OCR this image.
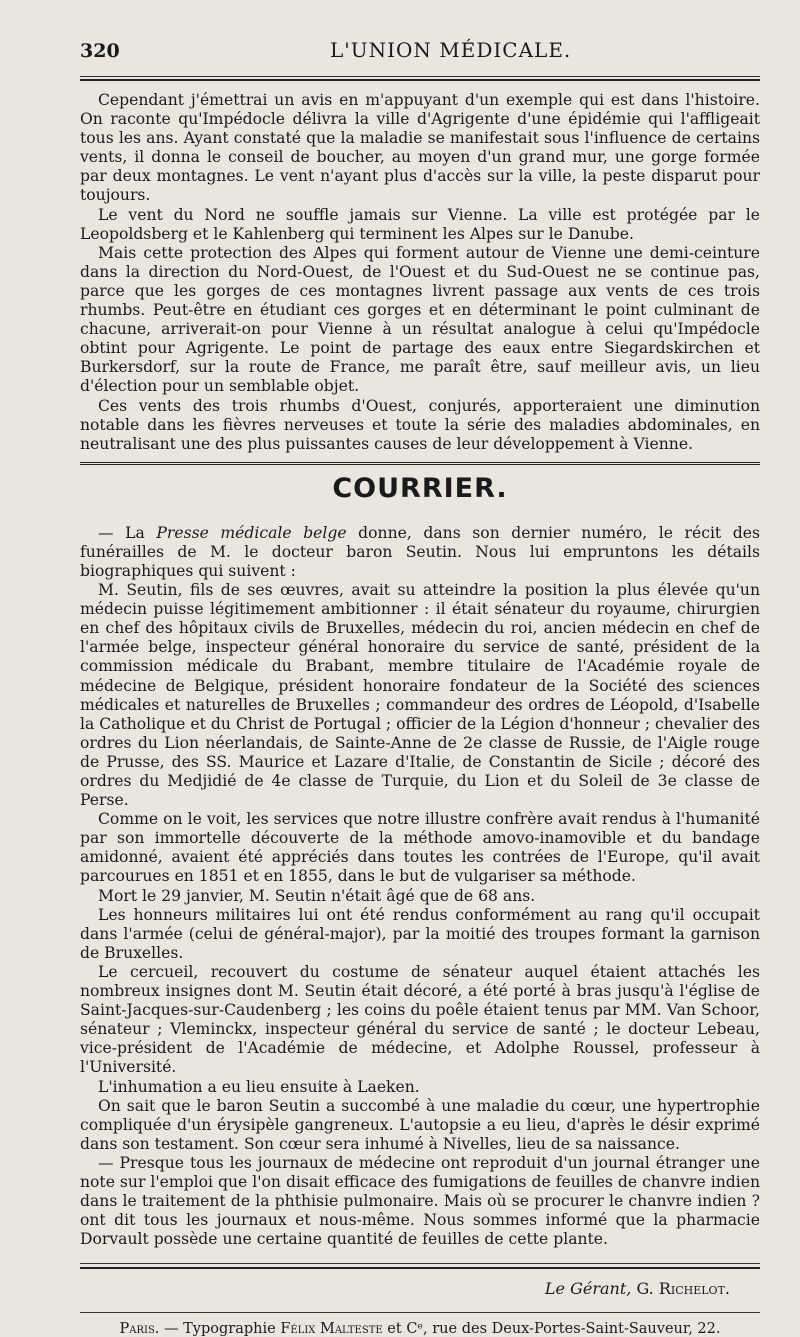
320	L'UNION MÉDICALE.

Cependant j'émettrai un avis en m'appuyant d'un exemple qui est dans l'histoire. On raconte qu'Impédocle délivra la ville d'Agrigente d'une épidémie qui l'affligeait tous les ans. Ayant constaté que la maladie se manifestait sous l'influence de certains vents, il donna le conseil de boucher, au moyen d'un grand mur, une gorge formée par deux montagnes. Le vent n'ayant plus d'accès sur la ville, la peste disparut pour toujours.

Le vent du Nord ne souffle jamais sur Vienne. La ville est protégée par le Leopoldsberg et le Kahlenberg qui terminent les Alpes sur le Danube.

Mais cette protection des Alpes qui forment autour de Vienne une demi-ceinture dans la direction du Nord-Ouest, de l'Ouest et du Sud-Ouest ne se continue pas, parce que les gorges de ces montagnes livrent passage aux vents de ces trois rhumbs. Peut-être en étudiant ces gorges et en déterminant le point culminant de chacune, arriverait-on pour Vienne à un résultat analogue à celui qu'Impédocle obtint pour Agrigente. Le point de partage des eaux entre Siegardskirchen et Burkersdorf, sur la route de France, me paraît être, sauf meilleur avis, un lieu d'élection pour un semblable objet.

Ces vents des trois rhumbs d'Ouest, conjurés, apporteraient une diminution notable dans les fièvres nerveuses et toute la série des maladies abdominales, en neutralisant une des plus puissantes causes de leur développement à Vienne.

COURRIER.

— La Presse médicale belge donne, dans son dernier numéro, le récit des funérailles de M. le docteur baron Seutin. Nous lui empruntons les détails biographiques qui suivent :

M. Seutin, fils de ses œuvres, avait su atteindre la position la plus élevée qu'un médecin puisse légitimement ambitionner : il était sénateur du royaume, chirurgien en chef des hôpitaux civils de Bruxelles, médecin du roi, ancien médecin en chef de l'armée belge, inspecteur général honoraire du service de santé, président de la commission médicale du Brabant, membre titulaire de l'Académie royale de médecine de Belgique, président honoraire fondateur de la Société des sciences médicales et naturelles de Bruxelles ; commandeur des ordres de Léopold, d'Isabelle la Catholique et du Christ de Portugal ; officier de la Légion d'honneur ; chevalier des ordres du Lion néerlandais, de Sainte-Anne de 2e classe de Russie, de l'Aigle rouge de Prusse, des SS. Maurice et Lazare d'Italie, de Constantin de Sicile ; décoré des ordres du Medjidié de 4e classe de Turquie, du Lion et du Soleil de 3e classe de Perse.

Comme on le voit, les services que notre illustre confrère avait rendus à l'humanité par son immortelle découverte de la méthode amovo-inamovible et du bandage amidonné, avaient été appréciés dans toutes les contrées de l'Europe, qu'il avait parcourues en 1851 et en 1855, dans le but de vulgariser sa méthode.

Mort le 29 janvier, M. Seutin n'était âgé que de 68 ans.

Les honneurs militaires lui ont été rendus conformément au rang qu'il occupait dans l'armée (celui de général-major), par la moitié des troupes formant la garnison de Bruxelles.

Le cercueil, recouvert du costume de sénateur auquel étaient attachés les nombreux insignes dont M. Seutin était décoré, a été porté à bras jusqu'à l'église de Saint-Jacques-sur-Caudenberg ; les coins du poêle étaient tenus par MM. Van Schoor, sénateur ; Vleminckx, inspecteur général du service de santé ; le docteur Lebeau, vice-président de l'Académie de médecine, et Adolphe Roussel, professeur à l'Université.

L'inhumation a eu lieu ensuite à Laeken.

On sait que le baron Seutin a succombé à une maladie du cœur, une hypertrophie compliquée d'un érysipèle gangreneux. L'autopsie a eu lieu, d'après le désir exprimé dans son testament. Son cœur sera inhumé à Nivelles, lieu de sa naissance.

— Presque tous les journaux de médecine ont reproduit d'un journal étranger une note sur l'emploi que l'on disait efficace des fumigations de feuilles de chanvre indien dans le traitement de la phthisie pulmonaire. Mais où se procurer le chanvre indien ? ont dit tous les journaux et nous-même. Nous sommes informé que la pharmacie Dorvault possède une certaine quantité de feuilles de cette plante.

Le Gérant, G. Richelot.
Paris. — Typographie Félix Malteste et Cᵉ, rue des Deux-Portes-Saint-Sauveur, 22.
